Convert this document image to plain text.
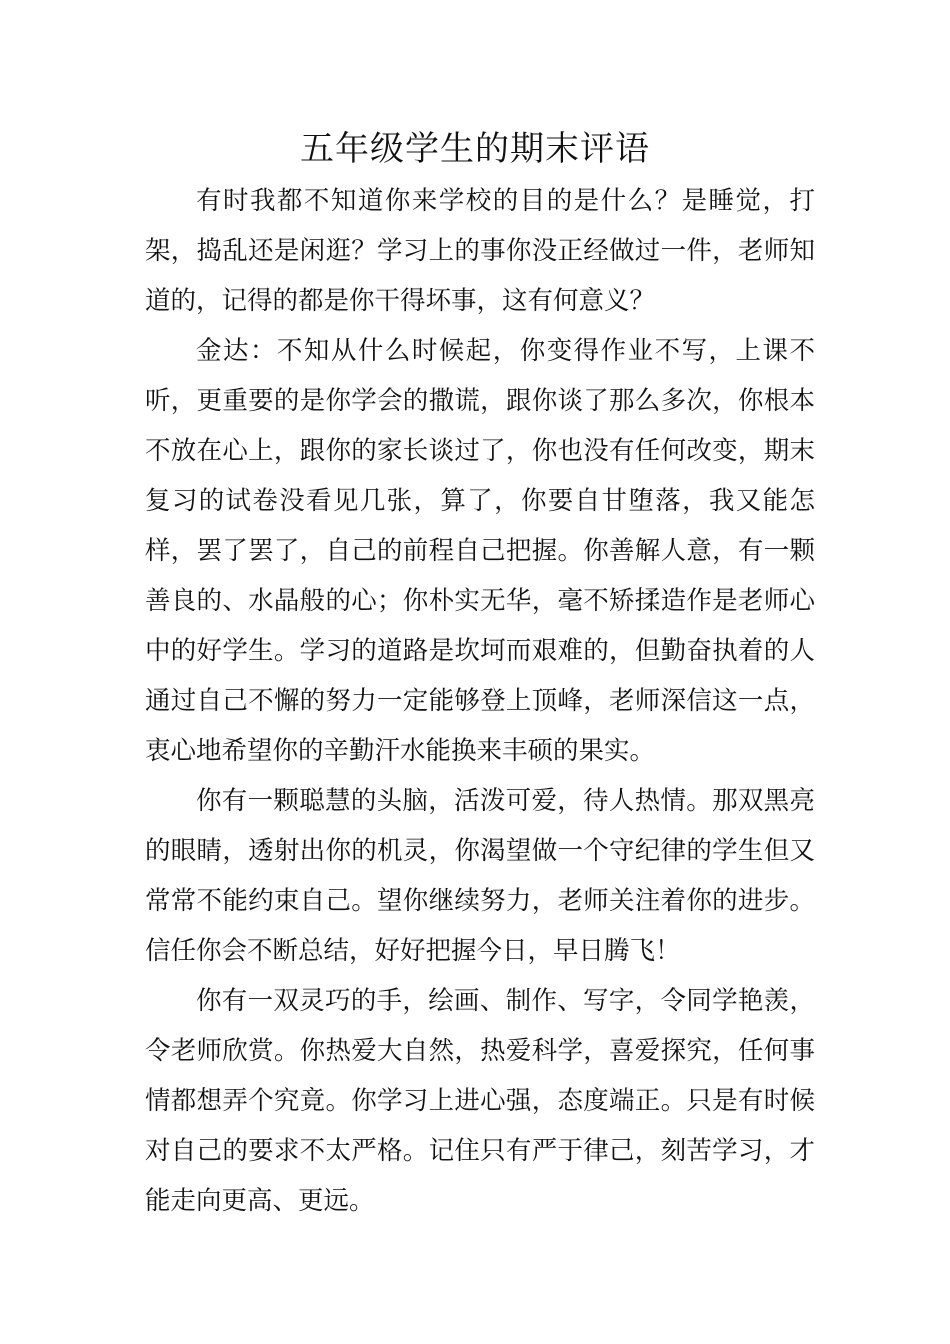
五年级学生的期末评语

有时我都不知道你来学校的目的是什么？是睡觉，打架，捣乱还是闲逛？学习上的事你没正经做过一件，老师知道的，记得的都是你干得坏事，这有何意义？

金达：不知从什么时候起，你变得作业不写，上课不听，更重要的是你学会的撒谎，跟你谈了那么多次，你根本不放在心上，跟你的家长谈过了，你也没有任何改变，期末复习的试卷没看见几张，算了，你要自甘堕落，我又能怎样，罢了罢了，自己的前程自己把握。你善解人意，有一颗善良的、水晶般的心；你朴实无华，毫不矫揉造作是老师心中的好学生。学习的道路是坎坷而艰难的，但勤奋执着的人通过自己不懈的努力一定能够登上顶峰，老师深信这一点，衷心地希望你的辛勤汗水能换来丰硕的果实。

你有一颗聪慧的头脑，活泼可爱，待人热情。那双黑亮的眼睛，透射出你的机灵，你渴望做一个守纪律的学生但又常常不能约束自己。望你继续努力，老师关注着你的进步。信任你会不断总结，好好把握今日，早日腾飞！

你有一双灵巧的手，绘画、制作、写字，令同学艳羡，令老师欣赏。你热爱大自然，热爱科学，喜爱探究，任何事情都想弄个究竟。你学习上进心强，态度端正。只是有时候对自己的要求不太严格。记住只有严于律己，刻苦学习，才能走向更高、更远。
